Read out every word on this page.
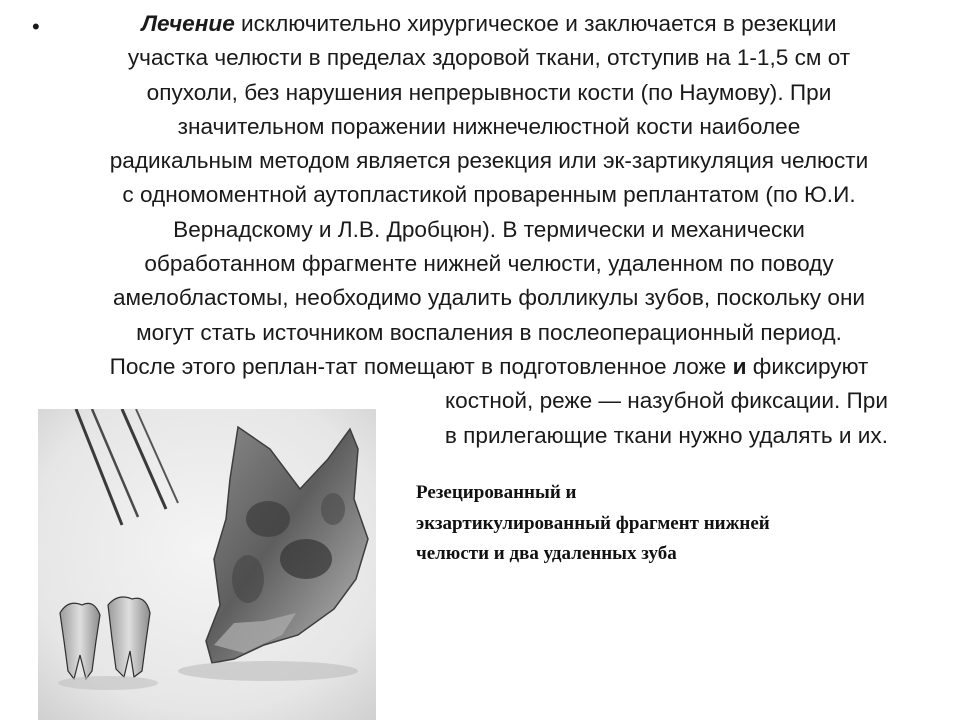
•	Лечение исключительно хирургическое и заключается в резекции
участка челюсти в пределах здоровой ткани, отступив на 1-1,5 см от
опухоли, без нарушения непрерывности кости (по Наумову). При
значительном поражении нижнечелюстной кости наиболее
радикальным методом является резекция или эк-зартикуляция челюсти
с одномоментной аутопластикой проваренным реплантатом (по Ю.И.
Вернадскому и Л.В. Дробцюн). В термически и механически
обработанном фрагменте нижней челюсти, удаленном по поводу
амелобластомы, необходимо удалить фолликулы зубов, поскольку они
могут стать источником воспаления в послеоперационный период.
После этого реплан-тат помещают в подготовленное ложе и фиксируют
костной, реже — назубной фиксации. При
в прилегающие ткани нужно удалять и их.
Резецированный и
экзартикулированный фрагмент нижней
челюсти и два удаленных зуба
